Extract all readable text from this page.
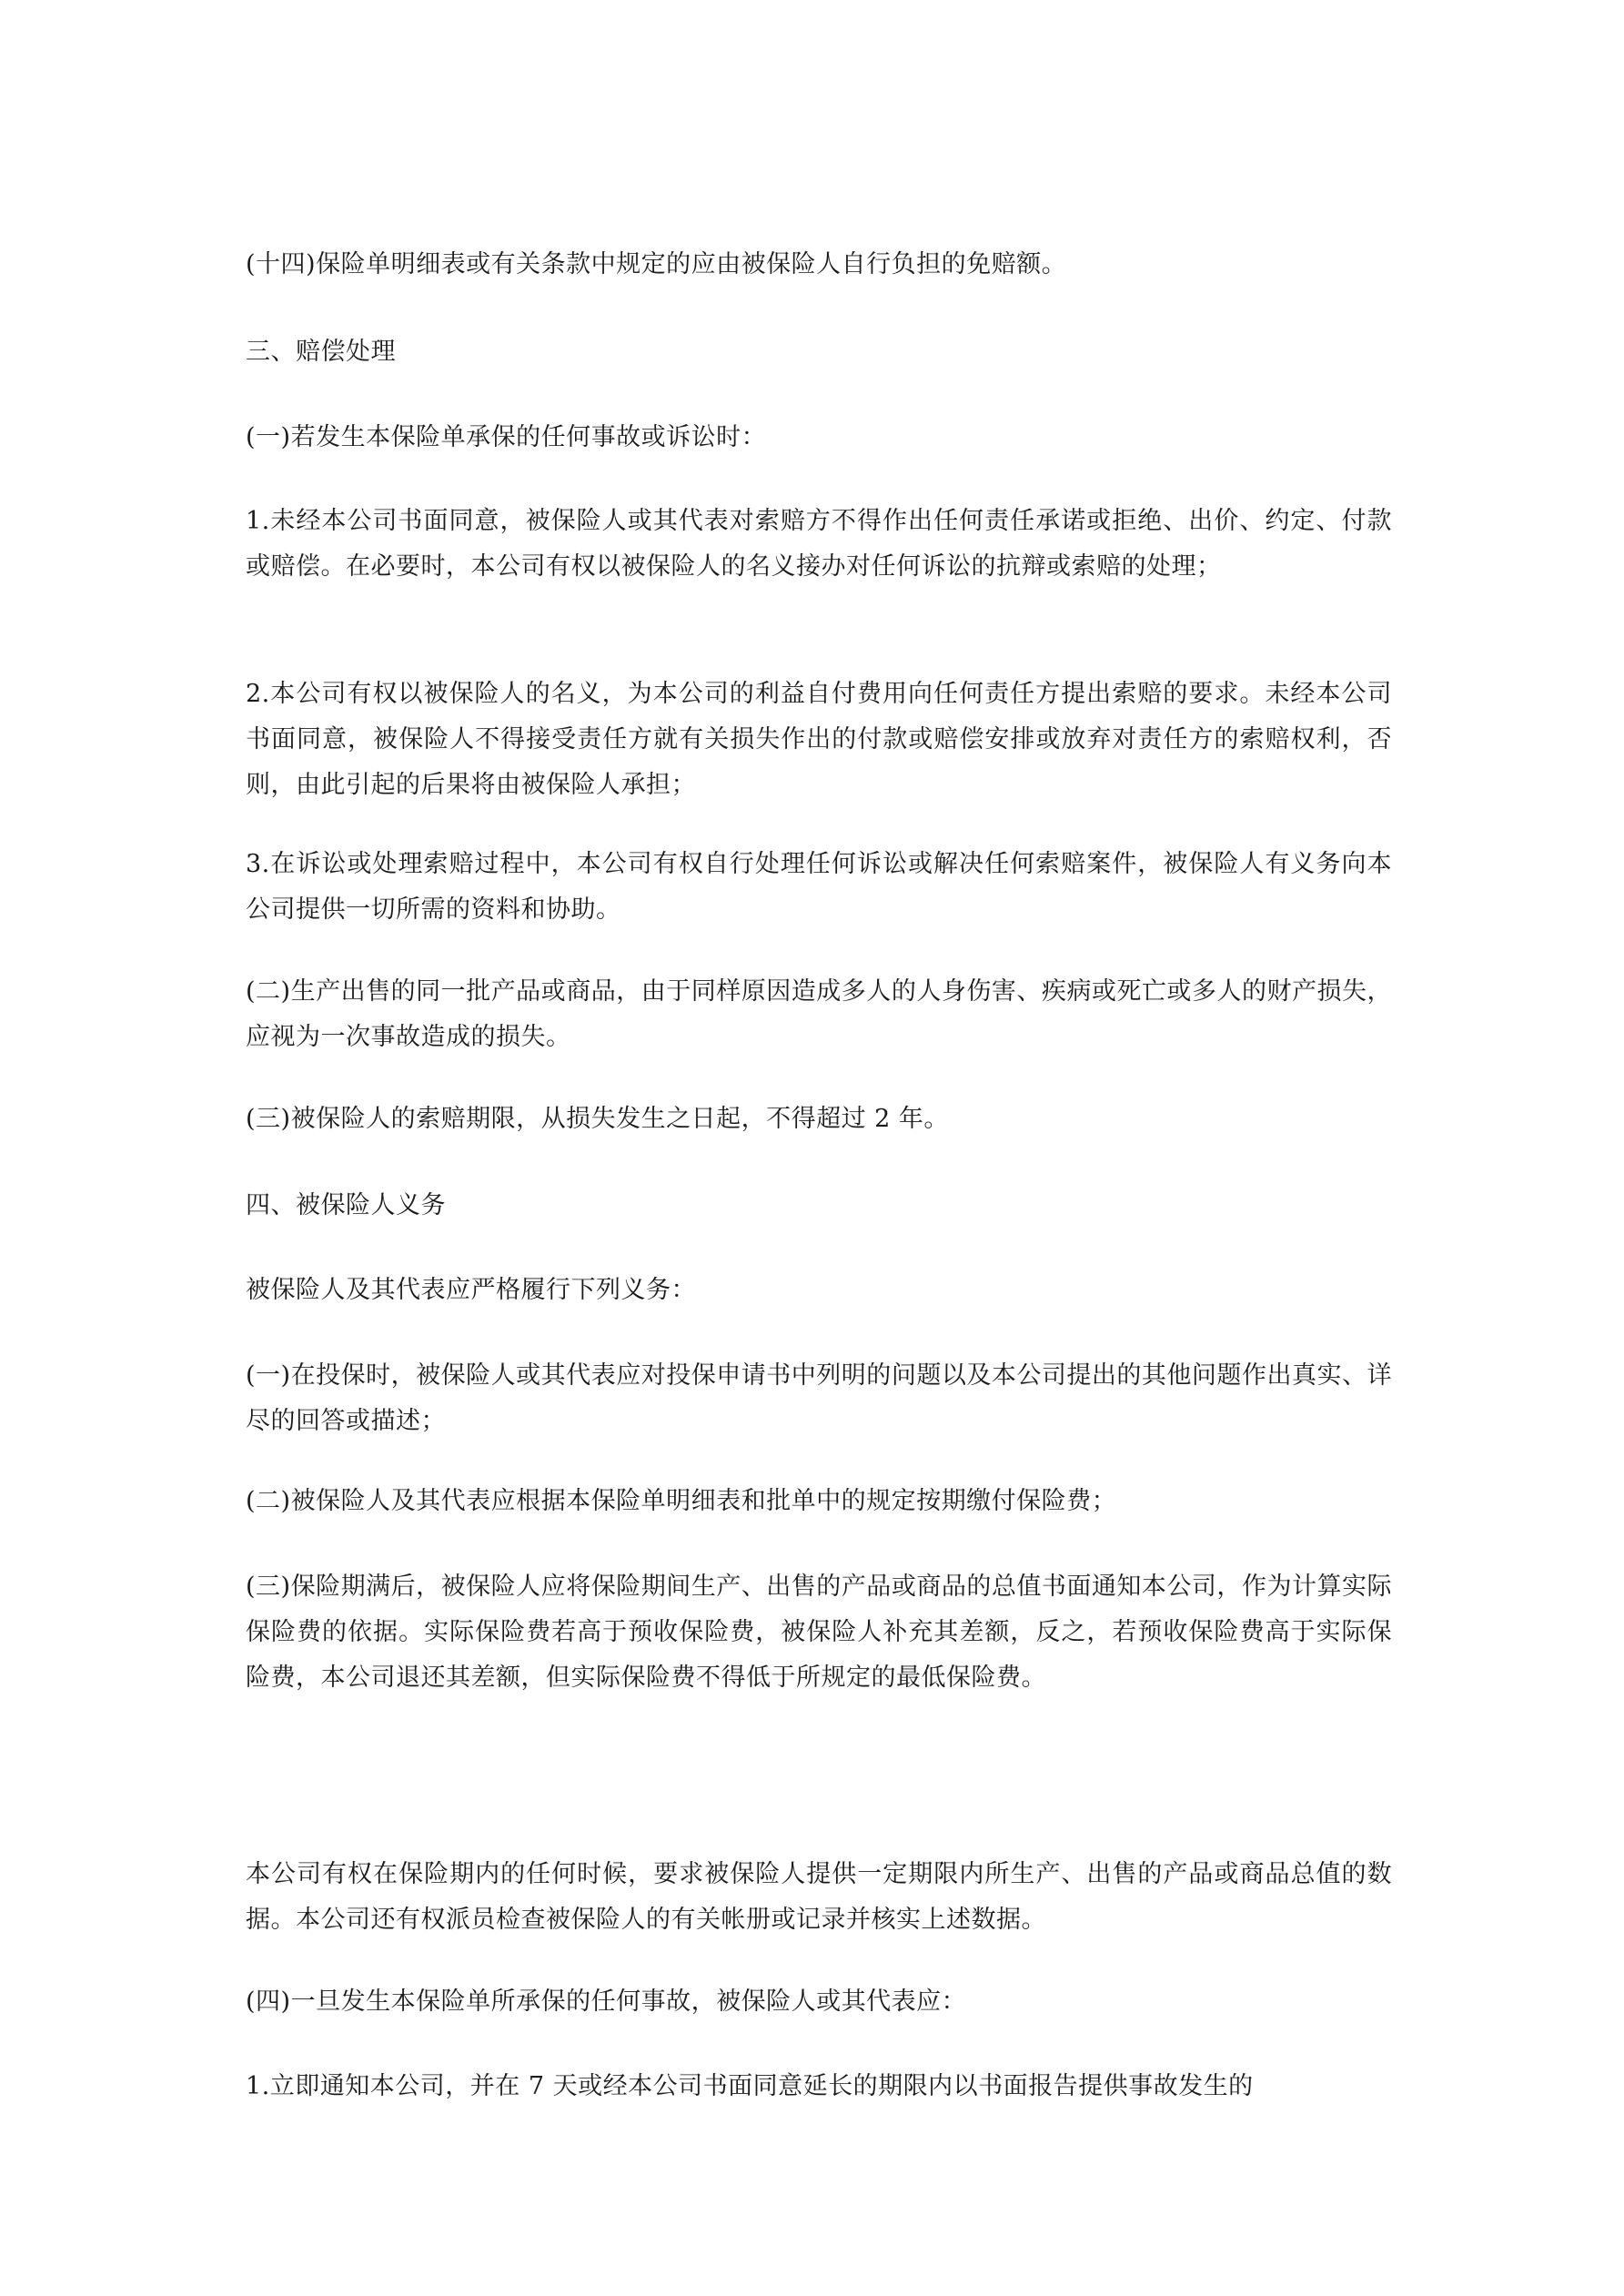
(十四)保险单明细表或有关条款中规定的应由被保险人自行负担的免赔额。

三、赔偿处理

(一)若发生本保险单承保的任何事故或诉讼时：

1.未经本公司书面同意，被保险人或其代表对索赔方不得作出任何责任承诺或拒绝、出价、约定、付款或赔偿。在必要时，本公司有权以被保险人的名义接办对任何诉讼的抗辩或索赔的处理；

2.本公司有权以被保险人的名义，为本公司的利益自付费用向任何责任方提出索赔的要求。未经本公司书面同意，被保险人不得接受责任方就有关损失作出的付款或赔偿安排或放弃对责任方的索赔权利，否则，由此引起的后果将由被保险人承担；

3.在诉讼或处理索赔过程中，本公司有权自行处理任何诉讼或解决任何索赔案件，被保险人有义务向本公司提供一切所需的资料和协助。

(二)生产出售的同一批产品或商品，由于同样原因造成多人的人身伤害、疾病或死亡或多人的财产损失，应视为一次事故造成的损失。

(三)被保险人的索赔期限，从损失发生之日起，不得超过 2 年。

四、被保险人义务

被保险人及其代表应严格履行下列义务：

(一)在投保时，被保险人或其代表应对投保申请书中列明的问题以及本公司提出的其他问题作出真实、详尽的回答或描述；

(二)被保险人及其代表应根据本保险单明细表和批单中的规定按期缴付保险费；

(三)保险期满后，被保险人应将保险期间生产、出售的产品或商品的总值书面通知本公司，作为计算实际保险费的依据。实际保险费若高于预收保险费，被保险人补充其差额，反之，若预收保险费高于实际保险费，本公司退还其差额，但实际保险费不得低于所规定的最低保险费。

本公司有权在保险期内的任何时候，要求被保险人提供一定期限内所生产、出售的产品或商品总值的数据。本公司还有权派员检查被保险人的有关帐册或记录并核实上述数据。

(四)一旦发生本保险单所承保的任何事故，被保险人或其代表应：

1.立即通知本公司，并在 7 天或经本公司书面同意延长的期限内以书面报告提供事故发生的
